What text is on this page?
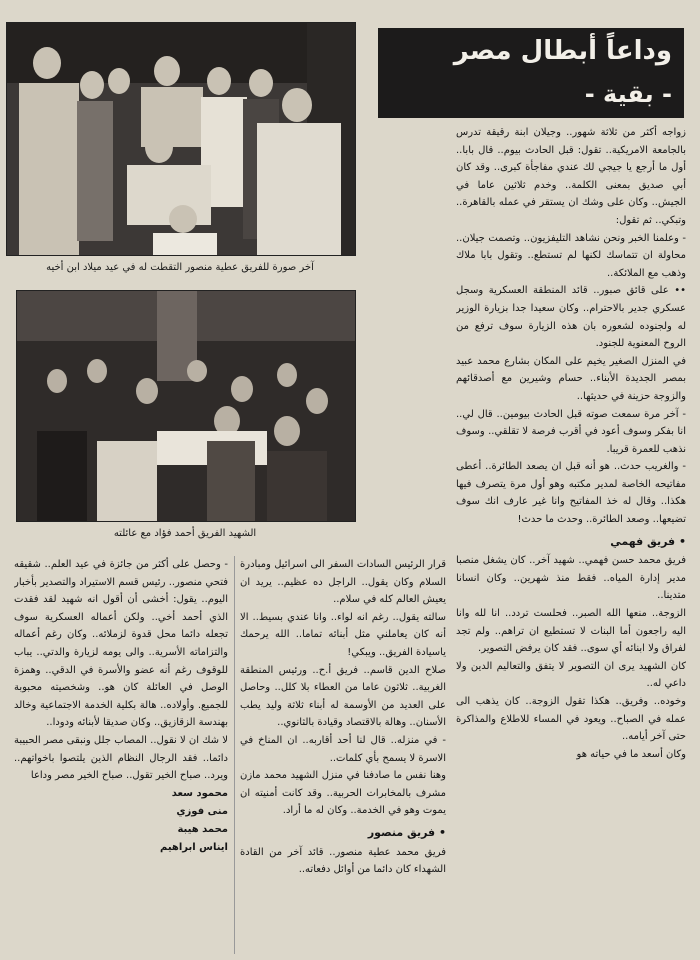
آخر صورة للفريق عطية منصور التقطت له في عيد ميلاد ابن أخيه
الشهيد الفريق أحمد فؤاد مع عائلته
وداعاً أبطال مصر
- بقية -

زواجه أكثر من ثلاثة شهور.. وجيلان ابنة رقيقة تدرس بالجامعة الامريكية.. تقول: قبل الحادث بيوم.. قال بابا.. أول ما أرجع يا جيجي لك عندي مفاجأة كبرى.. وقد كان أبي صديق بمعنى الكلمة.. وخدم ثلاثين عاما في الجيش.. وكان على وشك ان يستقر في عمله بالقاهرة.. وتبكي.. ثم تقول:

- وعلمنا الخبر ونحن نشاهد التليفزيون.. وتصمت جيلان.. محاولة ان تتماسك لكنها لم تستطع.. وتقول بابا ملاك وذهب مع الملائكة..

•• على قائق صبور.. قائد المنطقة العسكرية وسجل عسكري جدير بالاحترام.. وكان سعيدا جدا بزيارة الوزير له ولجنوده لشعوره بان هذه الزيارة سوف ترفع من الروح المعنوية للجنود.

في المنزل الصغير يخيم على المكان بشارع محمد عبيد بمصر الجديدة الأبناء.. حسام وشيرين مع أصدقائهم والزوجة حزينة في حديثها..

- آخر مرة سمعت صوته قبل الحادث بيومين.. قال لي.. انا بفكر وسوف أعود في أقرب فرصة لا تقلقي.. وسوف نذهب للعمرة قريبا.

- والغريب حدث.. هو أنه قبل ان يصعد الطائرة.. أعطى مفاتيحه الخاصة لمدير مكتبه وهو أول مرة يتصرف فيها هكذا.. وقال له خذ المفاتيح وانا غير عارف انك سوف تضيعها.. وصعد الطائرة.. وحدث ما حدث!

• فريق فهمي

فريق محمد حسن فهمي.. شهيد آخر.. كان يشغل منصبا مدير إدارة المياه.. فقط منذ شهرين.. وكان انسانا متدينا..

الزوجة.. منعها الله الصبر.. فحلست تردد.. انا لله وانا اليه راجعون أما البنات لا تستطيع ان تراهم.. ولم تجد لفراق ولا ابنائه أي سوى.. فقد كان يرفض التصوير.

كان الشهيد يرى ان التصوير لا يتفق والتعاليم الدين ولا داعي له..

وخوده.. وفريق.. هكذا تقول الزوجة.. كان يذهب الى عمله في الصباح.. ويعود في المساء للاطلاع والمذاكرة حتى آخر أيامه..

وكان أسعد ما في حياته هو

قرار الرئيس السادات السفر الى اسرائيل ومبادرة السلام وكان يقول.. الراجل ده عظيم.. يريد ان يعيش العالم كله في سلام..

سالته يقول.. رغم انه لواء.. وانا عندي بسيط.. الا أنه كان يعاملني مثل أبنائه تماما.. الله يرحمك ياسيادة الفريق.. ويبكي!

صلاح الدين قاسم.. فريق أ.ح.. ورئيس المنطقة الغربية.. ثلاثون عاما من العطاء بلا كلل.. وحاصل على العديد من الأوسمة له أبناء ثلاثة وليد يطب الأسنان.. وهالة بالاقتصاد وقيادة بالثانوي..

- في منزله.. قال لنا أحد أقاربه.. ان المناخ في الاسرة لا يسمح بأي كلمات..

وهنا نفس ما صادفنا في منزل الشهيد محمد مازن مشرف بالمخابرات الحربية.. وقد كانت أمنيته ان يموت وهو في الخدمة.. وكان له ما أراد.

• فريق منصور

فريق محمد عطية منصور.. قائد آخر من القادة الشهداء كان دائما من أوائل دفعاته..

- وحصل على أكثر من جائزة في عيد العلم.. شقيقه فتحي منصور.. رئيس قسم الاستيراد والتصدير بأخبار اليوم.. يقول: أخشى أن أقول انه شهيد لقد فقدت الذي أحمد أخي.. ولكن أعماله العسكرية سوف تجعله دائما محل قدوة لزملائه.. وكان رغم أعماله والتزاماته الأسرية.. والى يومه لزيارة والدتي.. يباب للوقوف رغم أنه عضو والأسرة في الدقي.. وهمزة الوصل في العائلة كان هو.. وشخصيته محبوبة للجميع. وأولاده.. هالة بكلية الخدمة الاجتماعية وخالد بهندسة الزقازيق.. وكان صديقا لأبنائه ودودا..

لا شك ان لا نقول.. المصاب جلل ونبقى مصر الحبيبة دائما.. فقد الرجال النظام الذين يلتصوا باخواتهم.. ويرد.. صباح الخير تقول.. صباح الخير مصر وداعا

محمود سعد
منى فوزي
محمد هيبة
ايناس ابراهيم
